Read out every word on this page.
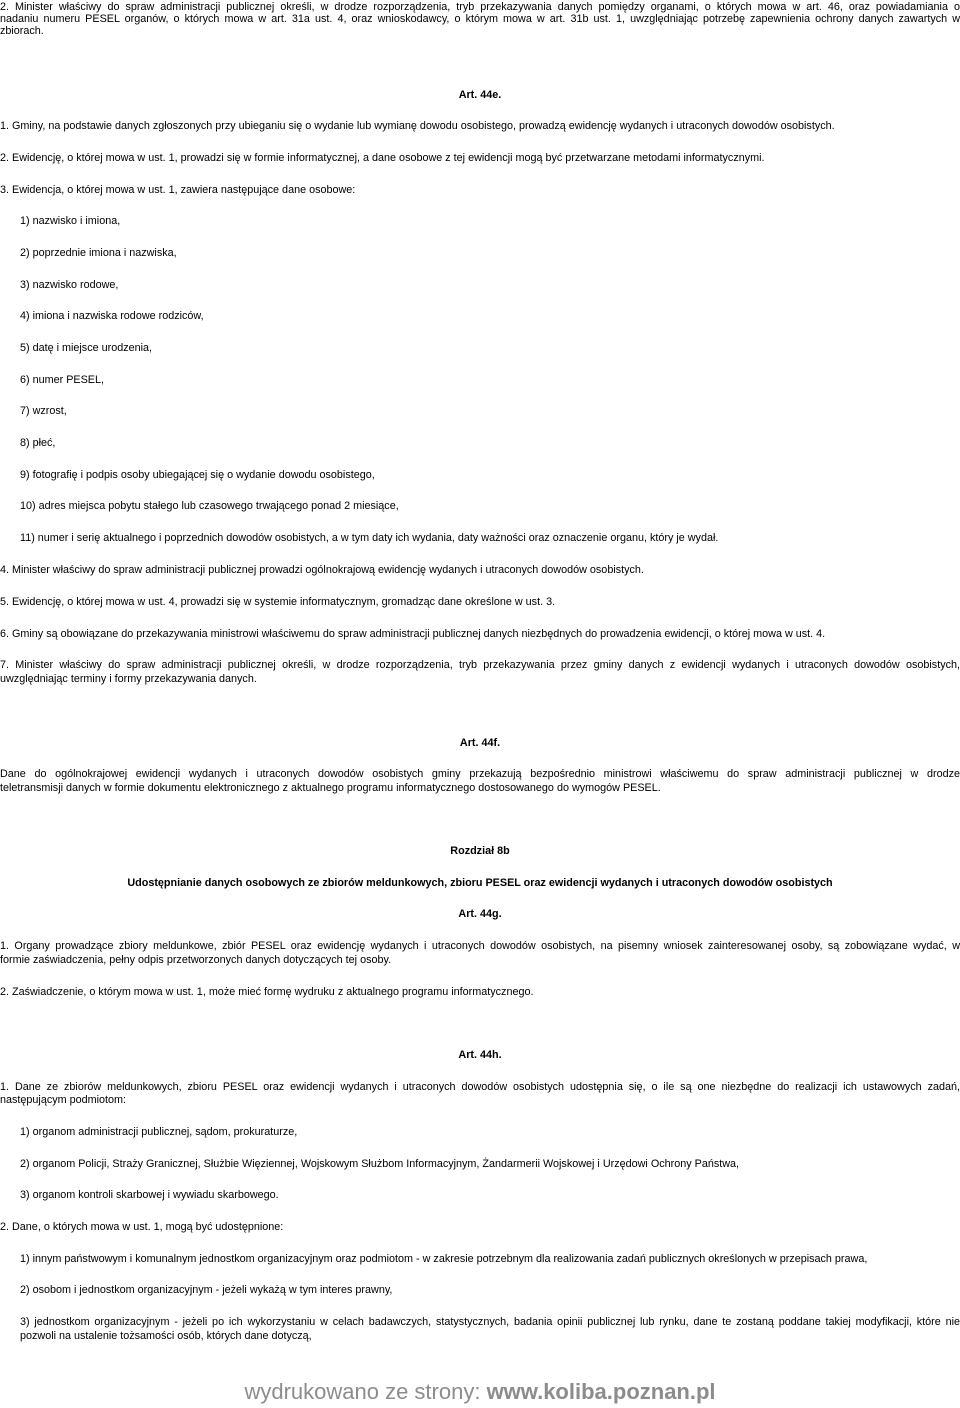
2. Minister właściwy do spraw administracji publicznej określi, w drodze rozporządzenia, tryb przekazywania danych pomiędzy organami, o których mowa w art. 46, oraz powiadamiania o
nadaniu numeru PESEL organów, o których mowa w art. 31a ust. 4, oraz wnioskodawcy, o którym mowa w art. 31b ust. 1, uwzględniając potrzebę zapewnienia ochrony danych zawartych w
zbiorach.
Art. 44e.
1. Gminy, na podstawie danych zgłoszonych przy ubieganiu się o wydanie lub wymianę dowodu osobistego, prowadzą ewidencję wydanych i utraconych dowodów osobistych.
2. Ewidencję, o której mowa w ust. 1, prowadzi się w formie informatycznej, a dane osobowe z tej ewidencji mogą być przetwarzane metodami informatycznymi.
3. Ewidencja, o której mowa w ust. 1, zawiera następujące dane osobowe:
1) nazwisko i imiona,
2) poprzednie imiona i nazwiska,
3) nazwisko rodowe,
4) imiona i nazwiska rodowe rodziców,
5) datę i miejsce urodzenia,
6) numer PESEL,
7) wzrost,
8) płeć,
9) fotografię i podpis osoby ubiegającej się o wydanie dowodu osobistego,
10) adres miejsca pobytu stałego lub czasowego trwającego ponad 2 miesiące,
11) numer i serię aktualnego i poprzednich dowodów osobistych, a w tym daty ich wydania, daty ważności oraz oznaczenie organu, który je wydał.
4. Minister właściwy do spraw administracji publicznej prowadzi ogólnokrajową ewidencję wydanych i utraconych dowodów osobistych.
5. Ewidencję, o której mowa w ust. 4, prowadzi się w systemie informatycznym, gromadząc dane określone w ust. 3.
6. Gminy są obowiązane do przekazywania ministrowi właściwemu do spraw administracji publicznej danych niezbędnych do prowadzenia ewidencji, o której mowa w ust. 4.
7. Minister właściwy do spraw administracji publicznej określi, w drodze rozporządzenia, tryb przekazywania przez gminy danych z ewidencji wydanych i utraconych dowodów osobistych,
uwzględniając terminy i formy przekazywania danych.
Art. 44f.
Dane do ogólnokrajowej ewidencji wydanych i utraconych dowodów osobistych gminy przekazują bezpośrednio ministrowi właściwemu do spraw administracji publicznej w drodze
teletransmisji danych w formie dokumentu elektronicznego z aktualnego programu informatycznego dostosowanego do wymogów PESEL.
Rozdział 8b
Udostępnianie danych osobowych ze zbiorów meldunkowych, zbioru PESEL oraz ewidencji wydanych i utraconych dowodów osobistych
Art. 44g.
1. Organy prowadzące zbiory meldunkowe, zbiór PESEL oraz ewidencję wydanych i utraconych dowodów osobistych, na pisemny wniosek zainteresowanej osoby, są zobowiązane wydać, w
formie zaświadczenia, pełny odpis przetworzonych danych dotyczących tej osoby.
2. Zaświadczenie, o którym mowa w ust. 1, może mieć formę wydruku z aktualnego programu informatycznego.
Art. 44h.
1. Dane ze zbiorów meldunkowych, zbioru PESEL oraz ewidencji wydanych i utraconych dowodów osobistych udostępnia się, o ile są one niezbędne do realizacji ich ustawowych zadań,
następującym podmiotom:
1) organom administracji publicznej, sądom, prokuraturze,
2) organom Policji, Straży Granicznej, Służbie Więziennej, Wojskowym Służbom Informacyjnym, Żandarmerii Wojskowej i Urzędowi Ochrony Państwa,
3) organom kontroli skarbowej i wywiadu skarbowego.
2. Dane, o których mowa w ust. 1, mogą być udostępnione:
1) innym państwowym i komunalnym jednostkom organizacyjnym oraz podmiotom - w zakresie potrzebnym dla realizowania zadań publicznych określonych w przepisach prawa,
2) osobom i jednostkom organizacyjnym - jeżeli wykażą w tym interes prawny,
3) jednostkom organizacyjnym - jeżeli po ich wykorzystaniu w celach badawczych, statystycznych, badania opinii publicznej lub rynku, dane te zostaną poddane takiej modyfikacji, które nie
pozwoli na ustalenie tożsamości osób, których dane dotyczą,
wydrukowano ze strony: www.koliba.poznan.pl
